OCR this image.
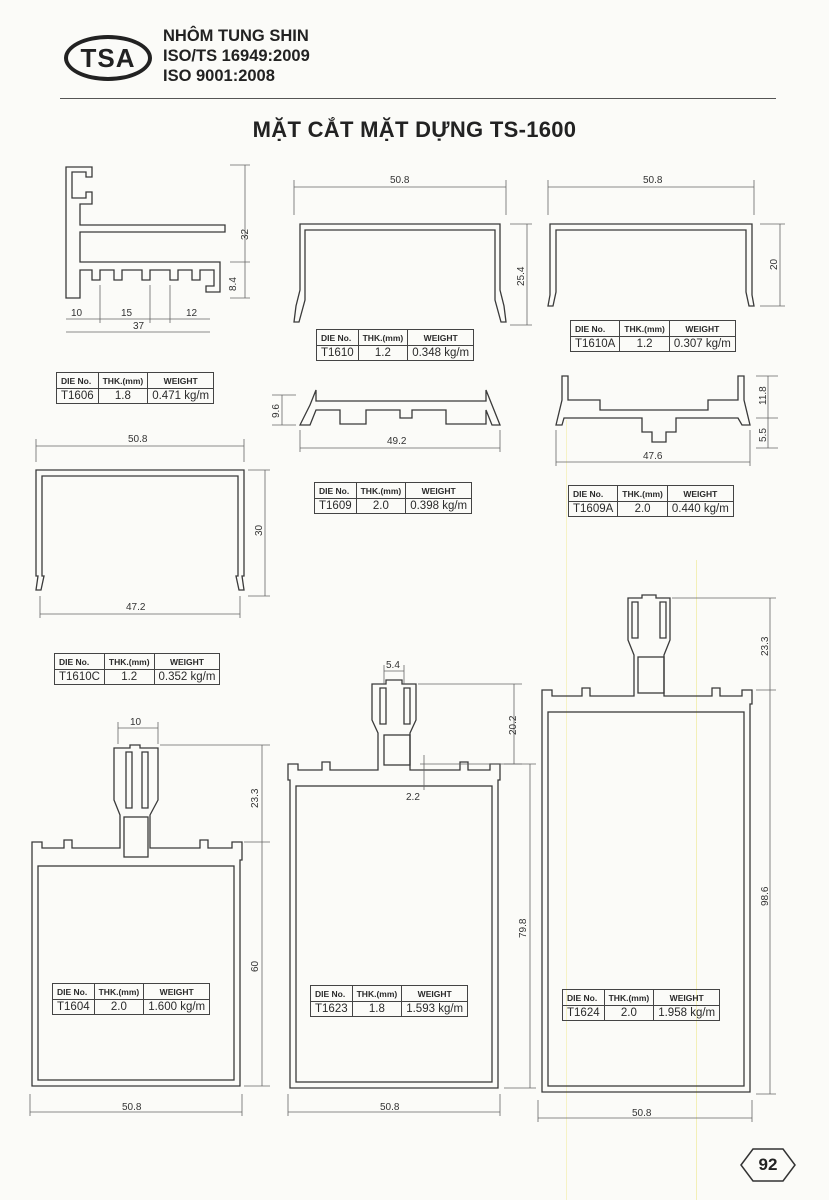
TSA
NHÔM TUNG SHIN
ISO/TS 16949:2009
ISO 9001:2008
MẶT CẮT MẶT DỰNG TS-1600
32
8.4
10	15	12
37
50.8
25.4
50.8
20
9.6
49.2
11.8
5.5
47.6
50.8
30
47.2
10
23.3
60
50.8
5.4
20.2
2.2
79.8
50.8
23.3
98.6
50.8
DIE No.	THK.(mm)	WEIGHT
T1606	1.8	0.471 kg/m
DIE No.	THK.(mm)	WEIGHT
T1610	1.2	0.348 kg/m
DIE No.	THK.(mm)	WEIGHT
T1610A	1.2	0.307 kg/m
DIE No.	THK.(mm)	WEIGHT
T1609	2.0	0.398 kg/m
DIE No.	THK.(mm)	WEIGHT
T1609A	2.0	0.440 kg/m
DIE No.	THK.(mm)	WEIGHT
T1610C	1.2	0.352 kg/m
DIE No.	THK.(mm)	WEIGHT
T1604	2.0	1.600 kg/m
DIE No.	THK.(mm)	WEIGHT
T1623	1.8	1.593 kg/m
DIE No.	THK.(mm)	WEIGHT
T1624	2.0	1.958 kg/m
92
